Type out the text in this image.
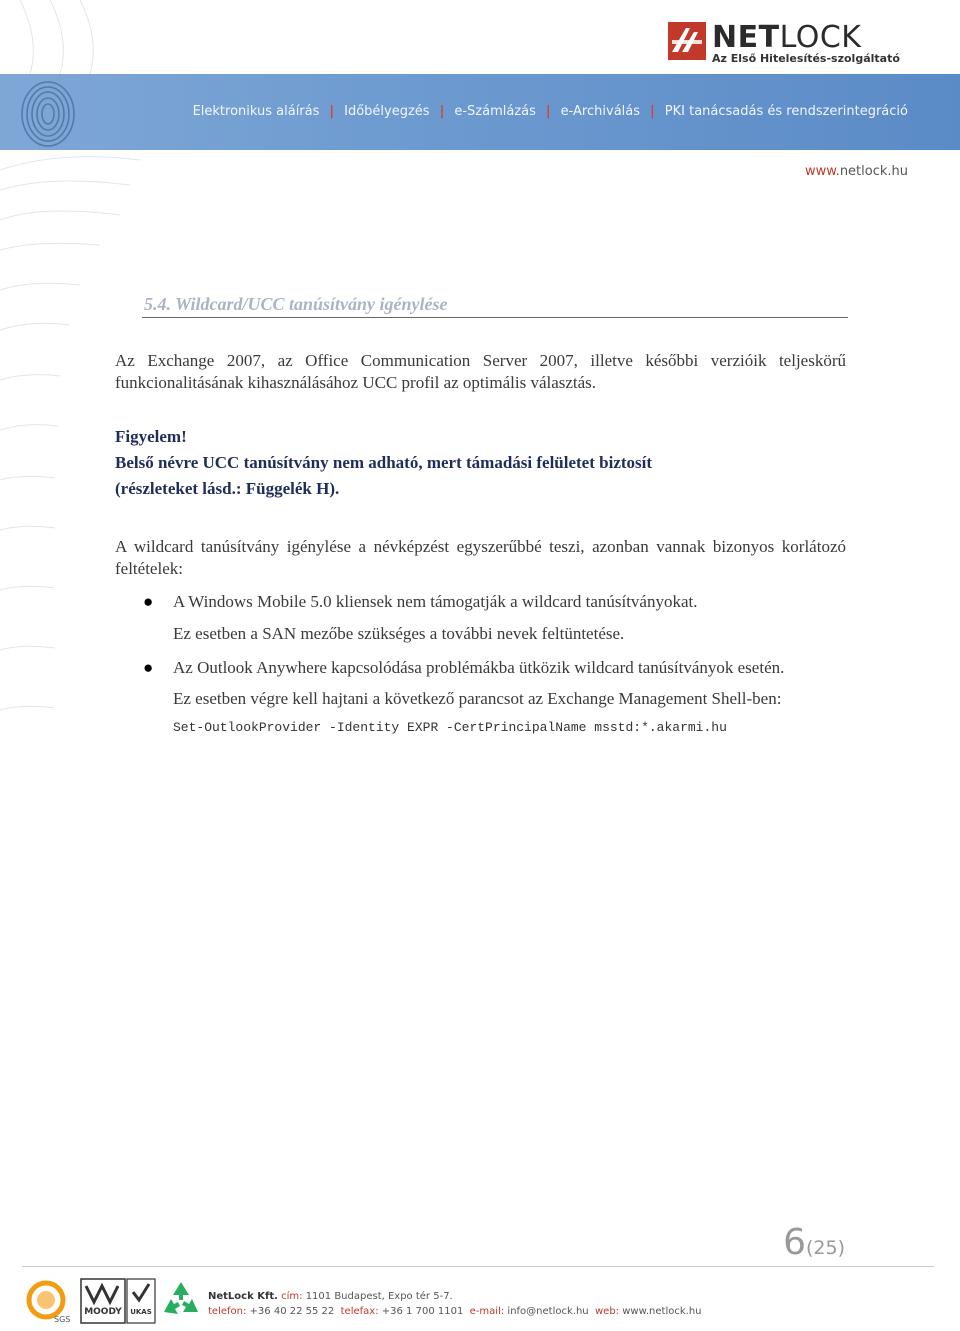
Elektronikus aláírás | Időbélyegzés | e-Számlázás | e-Archiválás | PKI tanácsadás és rendszerintegráció
NETLOCK
Az Első Hitelesítés-szolgáltató
www.netlock.hu
5.4. Wildcard/UCC tanúsítvány igénylése
Az Exchange 2007, az Office Communication Server 2007, illetve későbbi verzióik teljeskörű funkcionalitásának kihasználásához UCC profil az optimális választás.
Figyelem!
Belső névre UCC tanúsítvány nem adható, mert támadási felületet biztosít
(részleteket lásd.: Függelék H).
A wildcard tanúsítvány igénylése a névképzést egyszerűbbé teszi, azonban vannak bizonyos korlátozó feltételek:
● A Windows Mobile 5.0 kliensek nem támogatják a wildcard tanúsítványokat.
Ez esetben a SAN mezőbe szükséges a további nevek feltüntetése.
● Az Outlook Anywhere kapcsolódása problémákba ütközik wildcard tanúsítványok esetén.
Ez esetben végre kell hajtani a következő parancsot az Exchange Management Shell-ben:
Set-OutlookProvider -Identity EXPR -CertPrincipalName msstd:*.akarmi.hu
6(25)
SGS
MOODY UKAS
NetLock Kft. cím: 1101 Budapest, Expo tér 5-7.
telefon: +36 40 22 55 22 telefax: +36 1 700 1101 e-mail: info@netlock.hu web: www.netlock.hu
